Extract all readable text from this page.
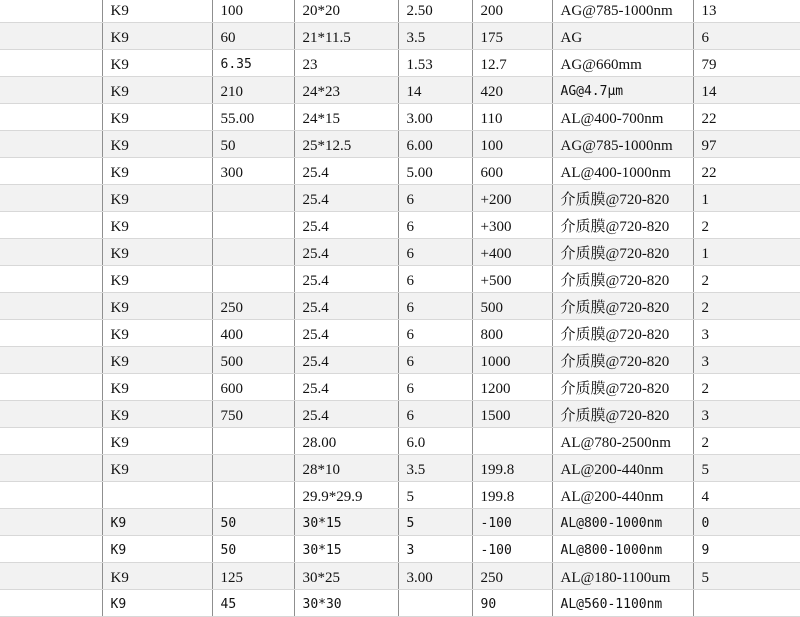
	K9	100	20*20	2.50	200	AG@785-1000nm	13
	K9	60	21*11.5	3.5	175	AG	6
	K9	6.35	23	1.53	12.7	AG@660mm	79
	K9	210	24*23	14	420	AG@4.7μm	14
	K9	55.00	24*15	3.00	110	AL@400-700nm	22
	K9	50	25*12.5	6.00	100	AG@785-1000nm	97
	K9	300	25.4	5.00	600	AL@400-1000nm	22
	K9		25.4	6	+200	介质膜@720-820	1
	K9		25.4	6	+300	介质膜@720-820	2
	K9		25.4	6	+400	介质膜@720-820	1
	K9		25.4	6	+500	介质膜@720-820	2
	K9	250	25.4	6	500	介质膜@720-820	2
	K9	400	25.4	6	800	介质膜@720-820	3
	K9	500	25.4	6	1000	介质膜@720-820	3
	K9	600	25.4	6	1200	介质膜@720-820	2
	K9	750	25.4	6	1500	介质膜@720-820	3
	K9		28.00	6.0		AL@780-2500nm	2
	K9		28*10	3.5	199.8	AL@200-440nm	5
			29.9*29.9	5	199.8	AL@200-440nm	4
	K9	50	30*15	5	-100	AL@800-1000nm	0
	K9	50	30*15	3	-100	AL@800-1000nm	9
	K9	125	30*25	3.00	250	AL@180-1100um	5
	K9	45	30*30		90	AL@560-1100nm	
